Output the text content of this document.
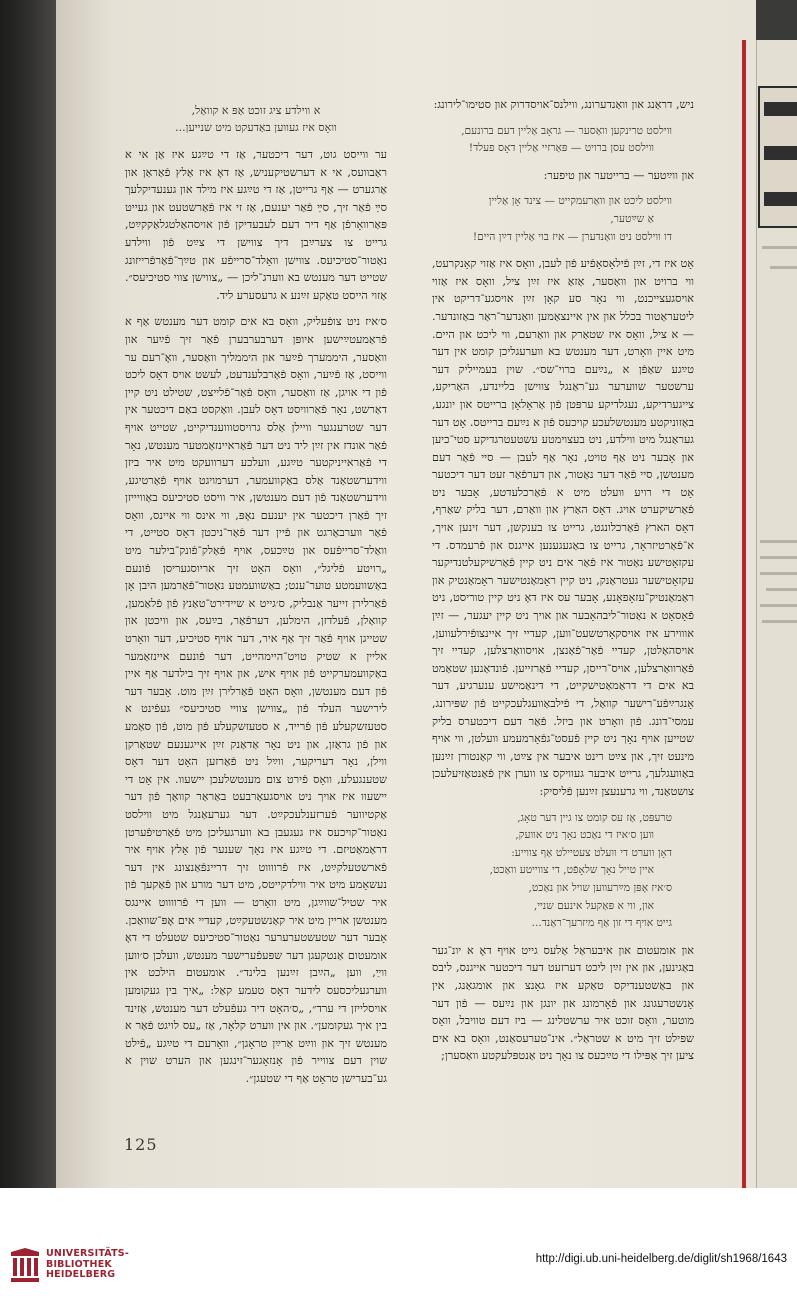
א ווילדע ציג זוכט אַפּ א קוואַל,
וואָס איז געווען באַדעקט מיט שנייען...

ניש, דראַנג און וואַנדערונג, ווילנס־אויסדרוק און סטימו־לירונג:

ווילסט טרינקען וואַסער — גראָב אַליין דעם ברונעם,
ווילסט עסן ברויט — פּאַרזיי אַליין דאָס פעלד!

און ווײַטער — ברייטער און טיפער:

ווילסט ליכט און וואַרעמקייט — צינד אָן אַליין
אַ שײַטער,
דו ווילסט ניט וואַנדערן — איז בוי אַליין דײַן היים!

אָט איז די, זײַן פֿילאָסאָפֿיע פֿון לעבן, וואָס איז אַזוי קאָנקרעט, ווי ברויט און וואַסער, אַזאַ איז זײַן ציל, וואָס איז אַזוי אויסגעצייכנט, ווי נאָר סע קאָן זײַן אויסגע־דריקט אין ליטעראַטור בכלל און אין איינצאַמען וואַנדער־ראַר באַזונדער. — א ציל, וואָס איז שטאַרק און וואַרעם, ווי ליכט און היים. מיט איין וואָרט, דער מענטש בא ווערעגליכן קומט אין דער טײַגע שאַפֿן א „נײַעם ברוי־שס״. שוין בעמייליק דער ערשטער שווערער גע־ראַנגל צווישן בליינדע, האַריקע, צייגערדיקע, נעגלדיקע ערפּטן פֿון אַראָלאָן ברייטס און יונגע, באַזוניקטע מענטשלעכע קויכעס פֿון א נײַעם ברייטס. אָט דער געראַנגל מיט ווילדע, ניט בעצוימטע עשטעטרגדיקע סטי־כיען און אָבער ניט אַף טויט, נאָר אַף לעבן — סיי פֿאַר דעם מענטשן, סיי פֿאַר דער נאַטור, און דערפֿאַר זעט דער דיכטער אָט די רויע וועלט מיט א פֿאַרכלעדטע, אָבער ניט פֿאַרשיקערט אויג. דאָס האַרץ און וואַרם, דער בליק שאַרף, דאָס הארץ פֿאַרכלונגט, גרייט צו בענקשן, דער זינען אויך, א־פֿאַרטיזראָר, גרייט צו באַגעגענען אייגנס און פֿרעמדס. די עקזאָטישע נאַטור איז פֿאַר אים ניט קיין פֿאַרשיקעלטנדיקער עקזאָטישער געטראַנק, ניט קיין ראָמאַנטישער ראָמאַנטיק און ראַמאַנטיק־עזאָפאָנע, אָבער עס איז דאָ ניט קיין טוריסט, ניט פֿאָסאָט א נאַטור־ליבהאָבער און אויך ניט קיין יעגער, — זײַן אוווירע איז אויסקאָרטשעט־ווען, קעדיי זיך איינצופֿירלעווען, אויסהאַלטן, קעדיי פֿאַר־פֿאַנצן, אויסוואַרצלען, קעדיי זיך פֿאַרוואַרצלען, אויס־רייסן, קעדיי פֿאַרזייען. פֿונדאַנען שטאַמט בא אים די דראַמאַטישקייט, די דינאַמישע ענערגיע, דער אָנגרײַפֿע־רישער קוואַל, די פֿילבאַוועגלעכקייט פֿון שפּירונג, עמסי־דונג. פֿון וואָרט און ביזל. פֿאַר דעם דיכטערס בליק שטייען אויף נאָך ניט קיין פֿעסט־גפֿאָרמעמע וועלטן, ווי אויף מינעט זיך, און צײַט רינט איבער אין צײַט, ווי קאַנטורן זײַנען באַוועגלעך, גרייט איבער געוויקס צו ווערן אין פֿאַנטאַזיעלעכן צושטאַנד, ווי גרענעצן זײַנען פֿליסיק:

טרעפּט, אַז עס קומט צו גיין דער טאָג,
ווען ס׳איז די נאַכט נאָך ניט אוועק,
דאָן ווערט די וועלט צעטיילט אַף צווייע:
איין טייל נאָך שלאָפֿט, די צווייטע וואַכט,
ס׳איז אָפּן מײַרעווען שויל און נאַכט,
און, ווי א פּאַקעל אינעם שניי,
גייט אויף די זון אַף מיזרעך־ראַנד...

און אומעטום און איבעראַל אַלעס גייט אויף דאָ א יונ־גער באַגינען, און אין זײַן ליכט דערזעט דער דיכטער אייגנס, ליבס און באַשטענדיקס טאַקע איז גאָנצ און אומגאַנג, אין אָנשטרעגונג און פֿאָרמונג און יונגן און נײַעס — פֿון דער מוטער, וואָס זוכט איר ערשטלינג — ביז דעם טוויבל, וואָס שפּילט זיך מיט א שטראַל״. אינ־טערעסאַנט, וואָס בא אים ציען זיך אַפּילו די טײַכעס צו נאָך ניט אַנטפּלעקטע וואַסערן;

ער ווייסט גוט, דער דיכטער, אַז די טײַגע איז אַן אי א ראַבוועס, אי א דערשטיקעניש, אַז דאָ איז אַלץ פֿאַראַן און אַרגערט — אַף גרייטן, אַז די טײַגע איז מילד און גענעדיקלעך סײַ פֿאַר זיך, סײַ פֿאַר יענעם, אַז זי איז פֿאַרשטעט און געייט פּאַרוואָרפֿן אַף דיר דעם לעבעדיקן פֿון אויסהאַלטגלאַקקײַט, גרייט צו צערײַבן דיך צווישן די צײַט פֿון ווילדע נאַטור־סטיכיעס. צווישן וואָלד־סרייפֿע און טײַך־פֿאַרפֿרייזונג שטייט דער מענטש בא ווערג־ליכן — „צווישן צווי סטיכיעס״. אַזוי הייסט טאַקע זײַנע א גרעסערע ליד.

ס׳איז ניט צופֿעליק, וואָס בא אים קומט דער מענטש אַף א פֿראַמעטײַישען איופּן דערבערבערן פֿאַר זיך פֿײַער און וואַסער, היממערך פֿײַער און היממליך וואַסער, וואָ־רעם ער ווייסט, אַז פֿײַער, וואָס פֿאַרבלענדעט, לעשט אויס דאָס ליכט פֿון די אויגן, אַז וואַסער, וואָס פֿאַר־פֿלייצט, שטילט ניט קיין דאַרשט, נאָר פֿאַרוויסט דאָס לעבן. וואַקסט באַם דיכטער אין דער שטרענגער וויילן אַלס גרויסטוווענדיקייט, שטייט אויף פֿאַר אונדז אין זײַן ליד ניט דער פֿאַראיינזאַמטער מענטש, נאָר די פֿאַראייניקטער טײַגע, וועלכע דערוועקט מיט איר ביזן ווידערשטאַנד אַלס באַקוועמער, דערמויגט אויף פֿאַרטיגע, ווידערשטאַנד פֿון דעם מענטשן, איר וויסט סטיכיעס באַוויייזן זיך פֿאַרן דיכטער אין יענעם נאָפּ, ווי אינס ווי איינס, וואָס פֿאַר ווערבאַרגט און פֿיין דער פֿאַר־ניכטן דאָס סטייט, די וואַלד־סרייפֿעס און טײַכעס, אויף פֿאַלק־פֿונק־בילער מיט „רויטע פֿליגל״, וואָס האָט זיך אריוסגעריסן פֿונעם באַשוועמטע טוער־ענט; באַשוועמטע נאַטור־פֿאַרמען היבן אָן פֿאַרלירן זייער אַנבליק, ס׳גייט א שיידירט־טאַנץ פֿון פֿלאַמען, קוואַלן, פֿעלדזן, הימלען, דערפֿאַר, בײַעס, און וויכטן און שטייגן אויף פֿאַר זיך אַף איר, דער אויף סטיכיע, דער וואָרט אליין א שטיק טויט־היימהייט, דער פֿונעם איינזאַמער באַקוועמערקייט פֿון אויף איש, און אויף זיך בילדער אַף איין פֿון דעם מענטשן, וואָס האָט פֿאַרלירן זײַן מוט. אָבער דער לירישער העלד פֿון „צווישן צוויי סטיכיעס״ געפֿינט א סטעזשקעלע פֿון פֿרייד, א סטעזשקעלע פֿון מוט, פֿון סאַמע און פֿון גראַזן, און ניט נאָר אַדאַנק זײַן אייגענעם שטאַרקן ווילן, נאָר דעריקער, ווײַל ניט פֿאַרזען האָט דער דאָס שטענגעלע, וואָס פֿירט צום מענטשלעכן יישעוו. אין אָט די יישעוו איז אויך ניט אויסגעאַרבעט באַראַר קוואַך פֿון דער אַקטיווער פֿערזענלעכקײַט. דער גערעאַנגל מיט ווילסט נאַטור־קויכעס איז געגעבן בא ווערגעליכן מיט פֿאַרטיפֿערטן דראַמאַטיזם. די טײַגע איז נאָך שענער פֿון אָלץ אויף איר פֿארשטעלקײַט, איז פֿרווווט זיך דריינפֿאַנצונג אין דער נעשאָמע מיט איר ווילדקייטס, מיט דער מורע און פֿאַקעך פֿון איר שטיל־שווײַגן, מיט וואָרט — ווען די פֿרווווט איינגס מענטשן אריין מיט איר קאַנשטעקײַט, קעדיי אים אָפּ־שוואַכן. אָבער דער שטעשטערערער נאַטור־סטיכיעס שטעלט די דאָ אומעטום אַנטקעגן דער שפּעפֿערישער מענטש, וועלכן ס׳ווען ווײַ, ווען „הײַבן זײַנען בלינד״. אומעטום הילכט אין ווערגעליכסעס לידער דאָס טעמע קאַל: „איך בין געקומען אויסלייזן די ערד״, „ס׳האָט דיר געפֿעלט דער מענטש, אַזינד בין איך געקומען״. און אין ווערט קלאָר, אַז „עס לויגט פֿאַר א מענטש זיך און ווײַט אַרײַן טראָגן״, וואָרעם די טײַגע „פֿילט שוין דעם צווייר פֿון אָנזאָגער־זינגען און הערט שוין א גע־בערישן טראָט אַף די שטעגן״.

125
UNIVERSITÄTS-
BIBLIOTHEK
HEIDELBERG
http://digi.ub.uni-heidelberg.de/diglit/sh1968/1643
